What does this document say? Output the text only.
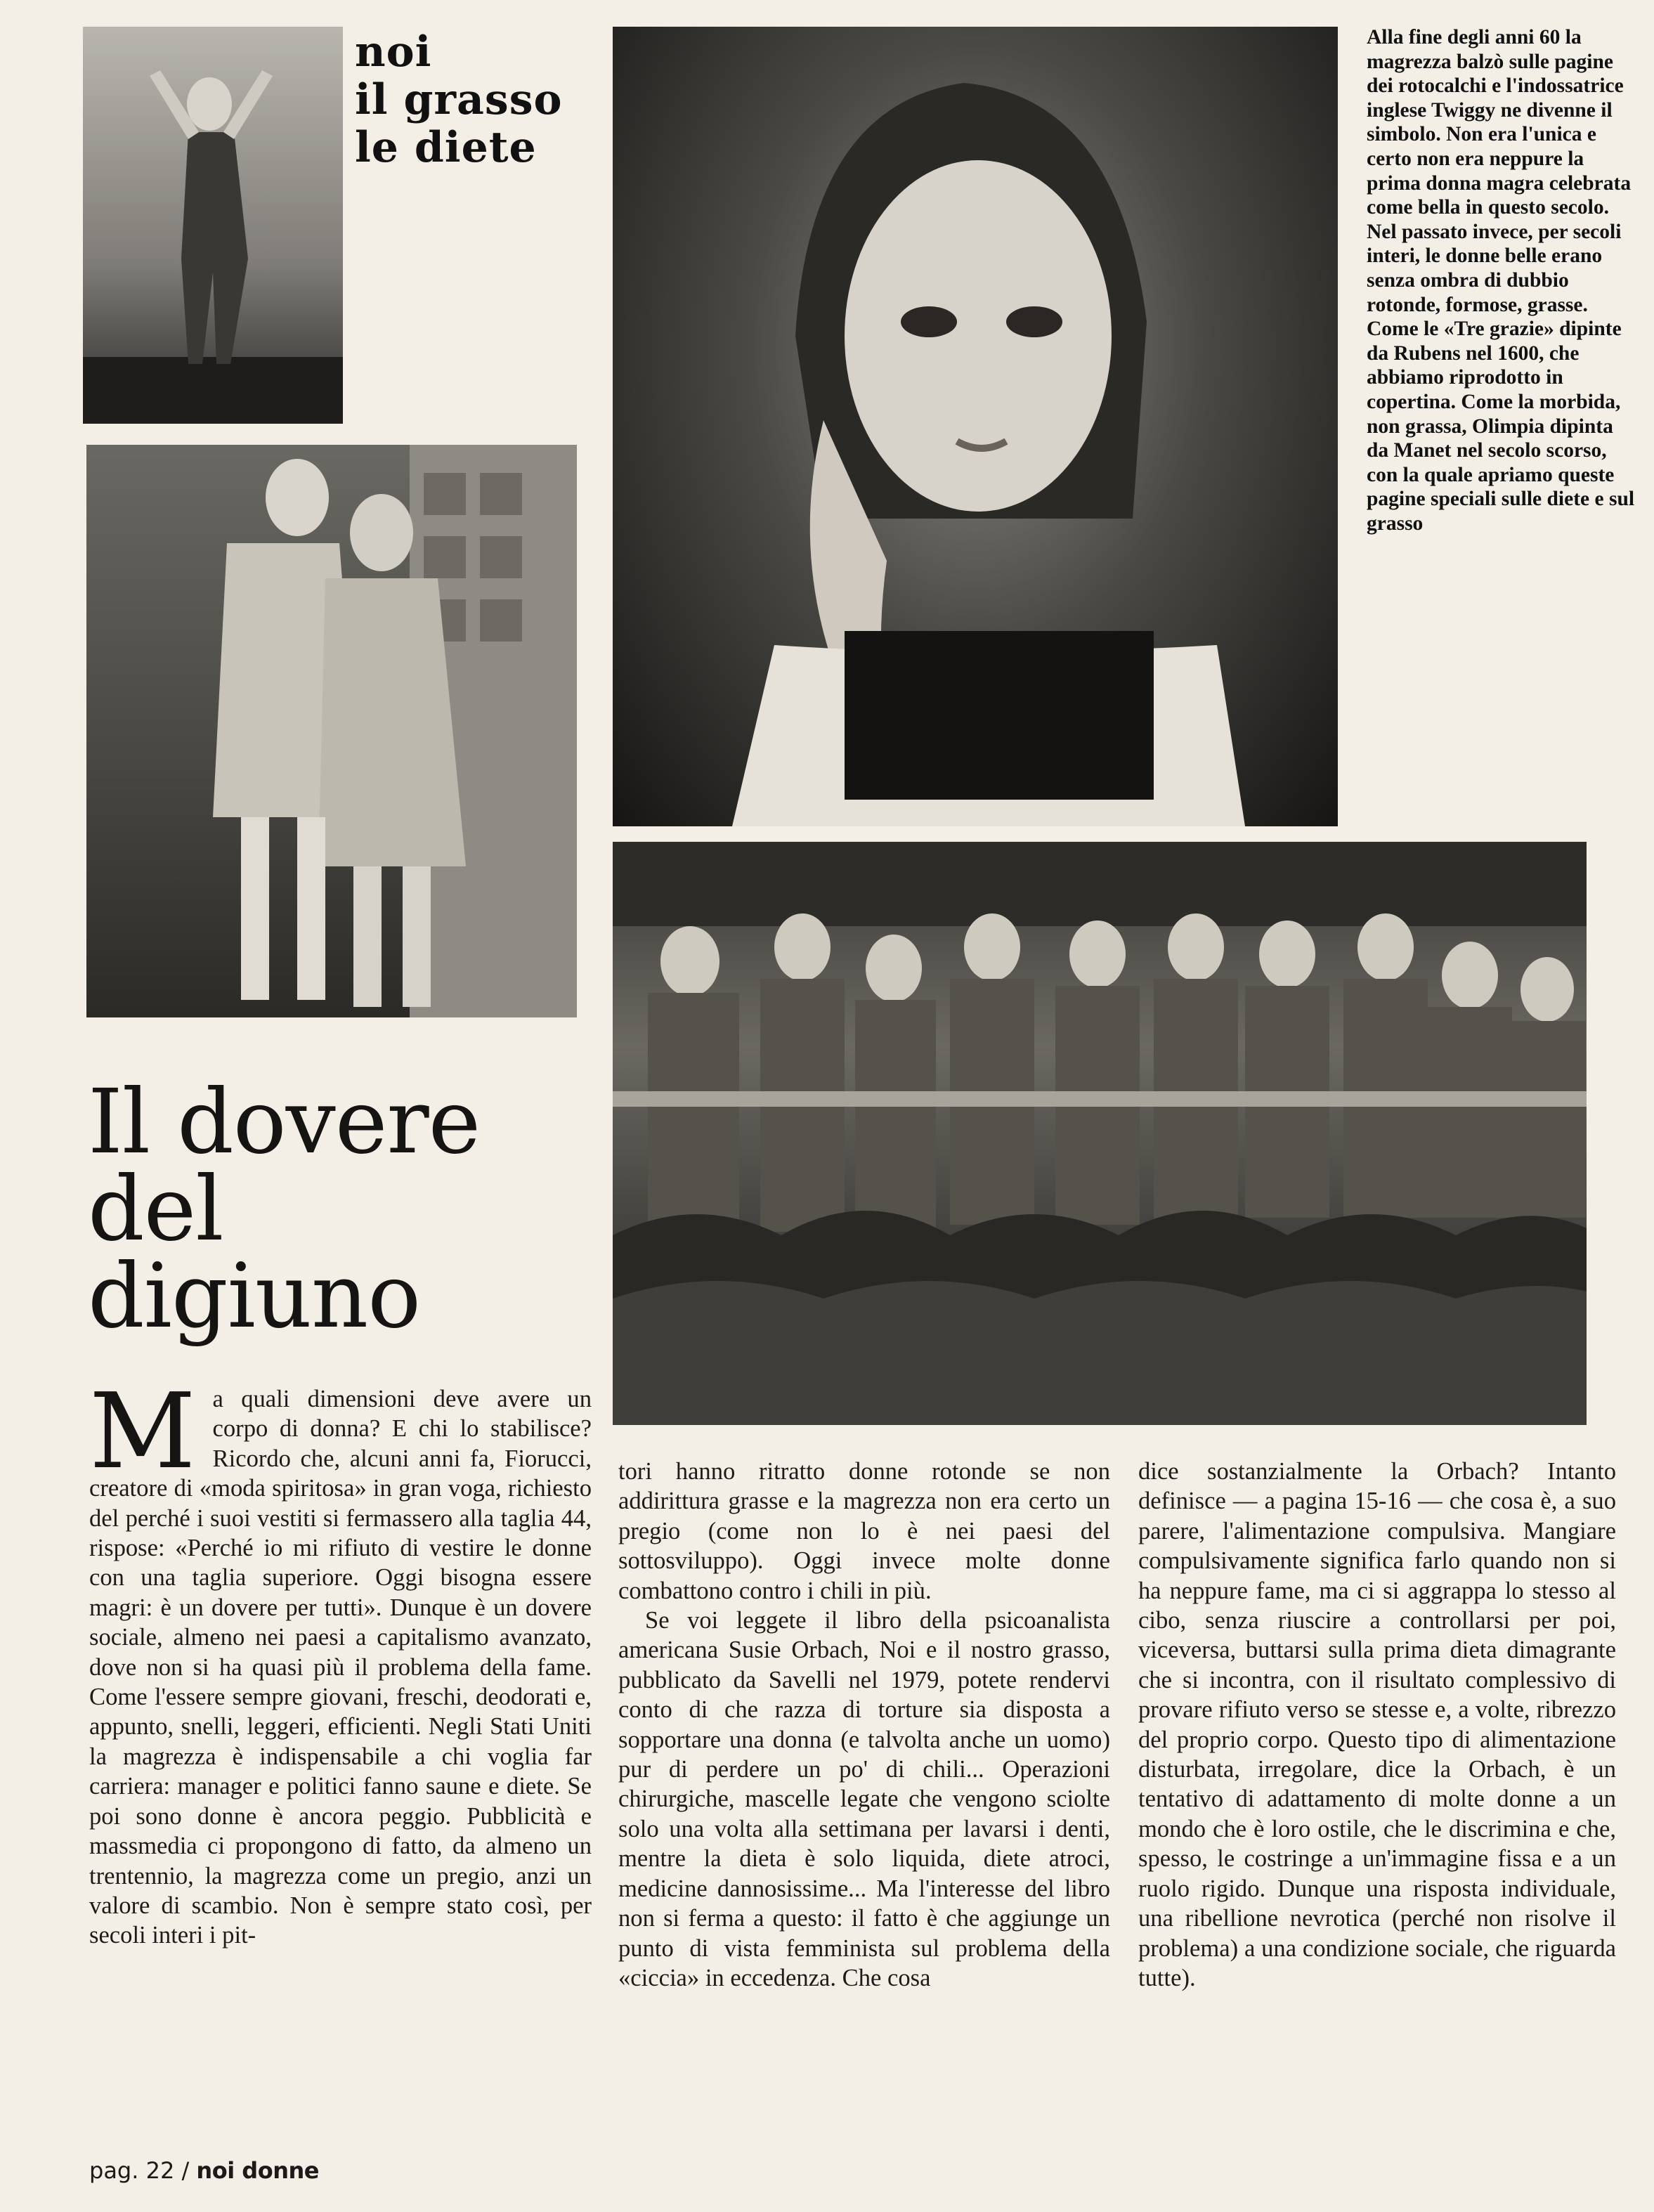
noi
il grasso
le diete

Alla fine degli anni 60 la magrezza balzò sulle pagine dei rotocalchi e l'indossatrice inglese Twiggy ne divenne il simbolo. Non era l'unica e certo non era neppure la prima donna magra celebrata come bella in questo secolo. Nel passato invece, per secoli interi, le donne belle erano senza ombra di dubbio rotonde, formose, grasse. Come le «Tre grazie» dipinte da Rubens nel 1600, che abbiamo riprodotto in copertina. Come la morbida, non grassa, Olimpia dipinta da Manet nel secolo scorso, con la quale apriamo queste pagine speciali sulle diete e sul grasso

Il dovere
del
digiuno
M a quali dimensioni deve avere un corpo di donna? E chi lo stabilisce? Ricordo che, alcuni anni fa, Fiorucci, creatore di «moda spiritosa» in gran voga, richiesto del perché i suoi vestiti si fermassero alla taglia 44, rispose: «Perché io mi rifiuto di vestire le donne con una taglia superiore. Oggi bisogna essere magri: è un dovere per tutti». Dunque è un dovere sociale, almeno nei paesi a capitalismo avanzato, dove non si ha quasi più il problema della fame. Come l'essere sempre giovani, freschi, deodorati e, appunto, snelli, leggeri, efficienti. Negli Stati Uniti la magrezza è indispensabile a chi voglia far carriera: manager e politici fanno saune e diete. Se poi sono donne è ancora peggio. Pubblicità e massmedia ci propongono di fatto, da almeno un trentennio, la magrezza come un pregio, anzi un valore di scambio. Non è sempre stato così, per secoli interi i pit-

tori hanno ritratto donne rotonde se non addirittura grasse e la magrezza non era certo un pregio (come non lo è nei paesi del sottosviluppo). Oggi invece molte donne combattono contro i chili in più.

Se voi leggete il libro della psicoanalista americana Susie Orbach, Noi e il nostro grasso, pubblicato da Savelli nel 1979, potete rendervi conto di che razza di torture sia disposta a sopportare una donna (e talvolta anche un uomo) pur di perdere un po' di chili... Operazioni chirurgiche, mascelle legate che vengono sciolte solo una volta alla settimana per lavarsi i denti, mentre la dieta è solo liquida, diete atroci, medicine dannosissime... Ma l'interesse del libro non si ferma a questo: il fatto è che aggiunge un punto di vista femminista sul problema della «ciccia» in eccedenza. Che cosa

dice sostanzialmente la Orbach? Intanto definisce — a pagina 15-16 — che cosa è, a suo parere, l'alimentazione compulsiva. Mangiare compulsivamente significa farlo quando non si ha neppure fame, ma ci si aggrappa lo stesso al cibo, senza riuscire a controllarsi per poi, viceversa, buttarsi sulla prima dieta dimagrante che si incontra, con il risultato complessivo di provare rifiuto verso se stesse e, a volte, ribrezzo del proprio corpo. Questo tipo di alimentazione disturbata, irregolare, dice la Orbach, è un tentativo di adattamento di molte donne a un mondo che è loro ostile, che le discrimina e che, spesso, le costringe a un'immagine fissa e a un ruolo rigido. Dunque una risposta individuale, una ribellione nevrotica (perché non risolve il problema) a una condizione sociale, che riguarda tutte).

pag. 22 / noi donne
